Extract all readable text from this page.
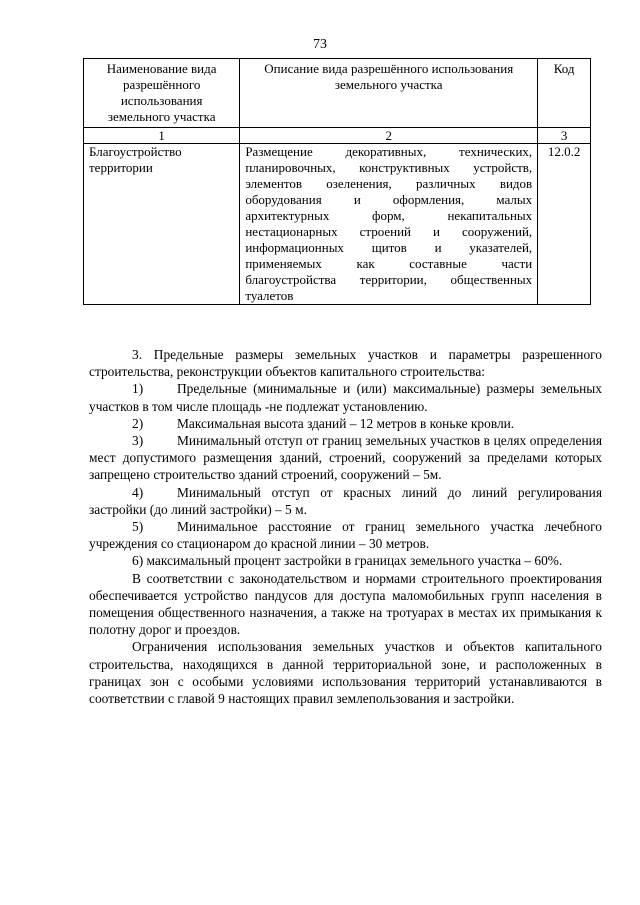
73
Наименование вида разрешённого использования земельного участка	Описание вида разрешённого использования земельного участка	Код
1	2	3
Благоустройство территории	Размещение декоративных, технических, планировочных, конструктивных устройств, элементов озеленения, различных видов оборудования и оформления, малых архитектурных форм, некапитальных нестационарных строений и сооружений, информационных щитов и указателей, применяемых как составные части благоустройства территории, общественных туалетов	12.0.2

3. Предельные размеры земельных участков и параметры разрешенного строительства, реконструкции объектов капитального строительства:

1)	Предельные (минимальные и (или) максимальные) размеры земельных участков в том числе площадь -не подлежат установлению.

2)	Максимальная высота зданий – 12 метров в коньке кровли.

3)	Минимальный отступ от границ земельных участков в целях определения мест допустимого размещения зданий, строений, сооружений за пределами которых запрещено строительство зданий строений, сооружений – 5м.

4)	Минимальный отступ от красных линий до линий регулирования застройки (до линий застройки) – 5 м.

5)	Минимальное расстояние от границ земельного участка лечебного учреждения со стационаром до красной линии – 30 метров.

6) максимальный процент застройки в границах земельного участка – 60%.

В соответствии с законодательством и нормами строительного проектирования обеспечивается устройство пандусов для доступа маломобильных групп населения в помещения общественного назначения, а также на тротуарах в местах их примыкания к полотну дорог и проездов.

Ограничения использования земельных участков и объектов капитального строительства, находящихся в данной территориальной зоне, и расположенных в границах зон с особыми условиями использования территорий устанавливаются в соответствии с главой 9 настоящих правил землепользования и застройки.
